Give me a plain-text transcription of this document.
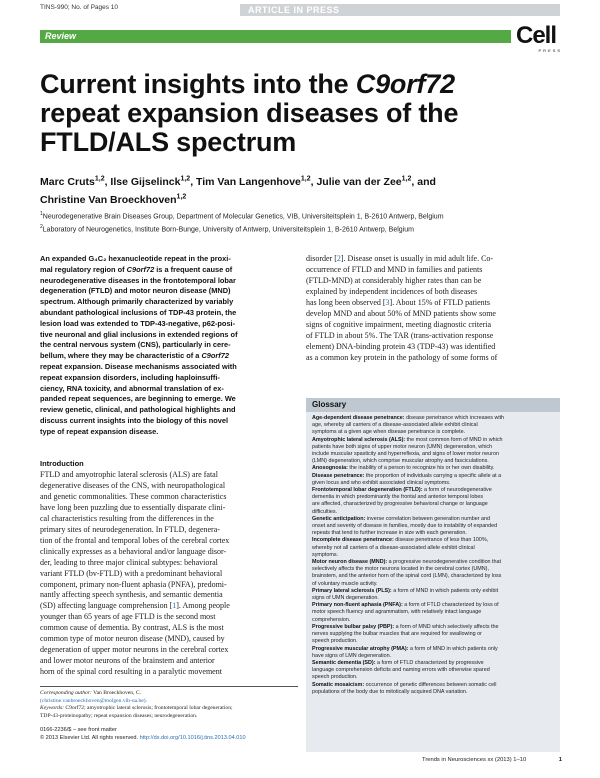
TINS-990; No. of Pages 10	ARTICLE IN PRESS
Review	Cell
PRESS
Current insights into the C9orf72
repeat expansion diseases of the
FTLD/ALS spectrum
Marc Cruts$^{1,2}$, Ilse Gijselinck$^{1,2}$, Tim Van Langenhove$^{1,2}$, Julie van der Zee$^{1,2}$, and
Christine Van Broeckhoven$^{1,2}$
$^1$Neurodegenerative Brain Diseases Group, Department of Molecular Genetics, VIB, Universiteitsplein 1, B-2610 Antwerp, Belgium
$^2$Laboratory of Neurogenetics, Institute Born-Bunge, University of Antwerp, Universiteitsplein 1, B-2610 Antwerp, Belgium
An expanded G₄C₂ hexanucleotide repeat in the proxi-
mal regulatory region of C9orf72 is a frequent cause of
neurodegenerative diseases in the frontotemporal lobar
degeneration (FTLD) and motor neuron disease (MND)
spectrum. Although primarily characterized by variably
abundant pathological inclusions of TDP-43 protein, the
lesion load was extended to TDP-43-negative, p62-posi-
tive neuronal and glial inclusions in extended regions of
the central nervous system (CNS), particularly in cere-
bellum, where they may be characteristic of a C9orf72
repeat expansion. Disease mechanisms associated with
repeat expansion disorders, including haploinsuffi-
ciency, RNA toxicity, and abnormal translation of ex-
panded repeat sequences, are beginning to emerge. We
review genetic, clinical, and pathological highlights and
discuss current insights into the biology of this novel
type of repeat expansion disease.
Introduction
FTLD and amyotrophic lateral sclerosis (ALS) are fatal
degenerative diseases of the CNS, with neuropathological
and genetic commonalities. These common characteristics
have long been puzzling due to essentially disparate clini-
cal characteristics resulting from the differences in the
primary sites of neurodegeneration. In FTLD, degenera-
tion of the frontal and temporal lobes of the cerebral cortex
clinically expresses as a behavioral and/or language disor-
der, leading to three major clinical subtypes: behavioral
variant FTLD (bv-FTLD) with a predominant behavioral
component, primary non-fluent aphasia (PNFA), predomi-
nantly affecting speech synthesis, and semantic dementia
(SD) affecting language comprehension [1]. Among people
younger than 65 years of age FTLD is the second most
common cause of dementia. By contrast, ALS is the most
common type of motor neuron disease (MND), caused by
degeneration of upper motor neurons in the cerebral cortex
and lower motor neurons of the brainstem and anterior
horn of the spinal cord resulting in a paralytic movement
disorder [2]. Disease onset is usually in mid adult life. Co-
occurrence of FTLD and MND in families and patients
(FTLD-MND) at considerably higher rates than can be
explained by independent incidences of both diseases
has long been observed [3]. About 15% of FTLD patients
develop MND and about 50% of MND patients show some
signs of cognitive impairment, meeting diagnostic criteria
of FTLD in about 5%. The TAR (trans-activation response
element) DNA-binding protein 43 (TDP-43) was identified
as a common key protein in the pathology of some forms of
Glossary
Age-dependent disease penetrance: disease penetrance which increases with
age, whereby all carriers of a disease-associated allele exhibit clinical
symptoms at a given age when disease penetrance is complete.
Amyotrophic lateral sclerosis (ALS): the most common form of MND in which
patients have both signs of upper motor neuron (UMN) degeneration, which
include muscular spasticity and hyperreflexia, and signs of lower motor neuron
(LMN) degeneration, which comprise muscular atrophy and fasciculations.
Anosognosia: the inability of a person to recognize his or her own disability.
Disease penetrance: the proportion of individuals carrying a specific allele at a
given locus and who exhibit associated clinical symptoms.
Frontotemporal lobar degeneration (FTLD): a form of neurodegenerative
dementia in which predominantly the frontal and anterior temporal lobes
are affected, characterized by progressive behavioral change or language
difficulties.
Genetic anticipation: inverse correlation between generation number and
onset and severity of disease in families, mostly due to instability of expanded
repeats that tend to further increase in size with each generation.
Incomplete disease penetrance: disease penetrance of less than 100%,
whereby not all carriers of a disease-associated allele exhibit clinical
symptoms.
Motor neuron disease (MND): a progressive neurodegenerative condition that
selectively affects the motor neurons located in the cerebral cortex (UMN),
brainstem, and the anterior horn of the spinal cord (LMN), characterized by loss
of voluntary muscle activity.
Primary lateral sclerosis (PLS): a form of MND in which patients only exhibit
signs of UMN degeneration.
Primary non-fluent aphasia (PNFA): a form of FTLD characterized by loss of
motor speech fluency and agrammatism, with relatively intact language
comprehension.
Progressive bulbar palsy (PBP): a form of MND which selectively affects the
nerves supplying the bulbar muscles that are required for swallowing or
speech production.
Progressive muscular atrophy (PMA): a form of MND in which patients only
have signs of LMN degeneration.
Semantic dementia (SD): a form of FTLD characterized by progressive
language comprehension deficits and naming errors with otherwise spared
speech production.
Somatic mosaicism: occurrence of genetic differences between somatic cell
populations of the body due to mitotically acquired DNA variation.
Corresponding author: Van Broeckhoven, C.
(christine.vanbroeckhoven@molgen.vib-ua.be).
Keywords: C9orf72; amyotrophic lateral sclerosis; frontotemporal lobar degeneration;
TDP-43-proteinopathy; repeat expansion diseases; neurodegeneration.
0166-2236/$ – see front matter
© 2013 Elsevier Ltd. All rights reserved. http://dx.doi.org/10.1016/j.tins.2013.04.010
Trends in Neurosciences xx (2013) 1–10	1
